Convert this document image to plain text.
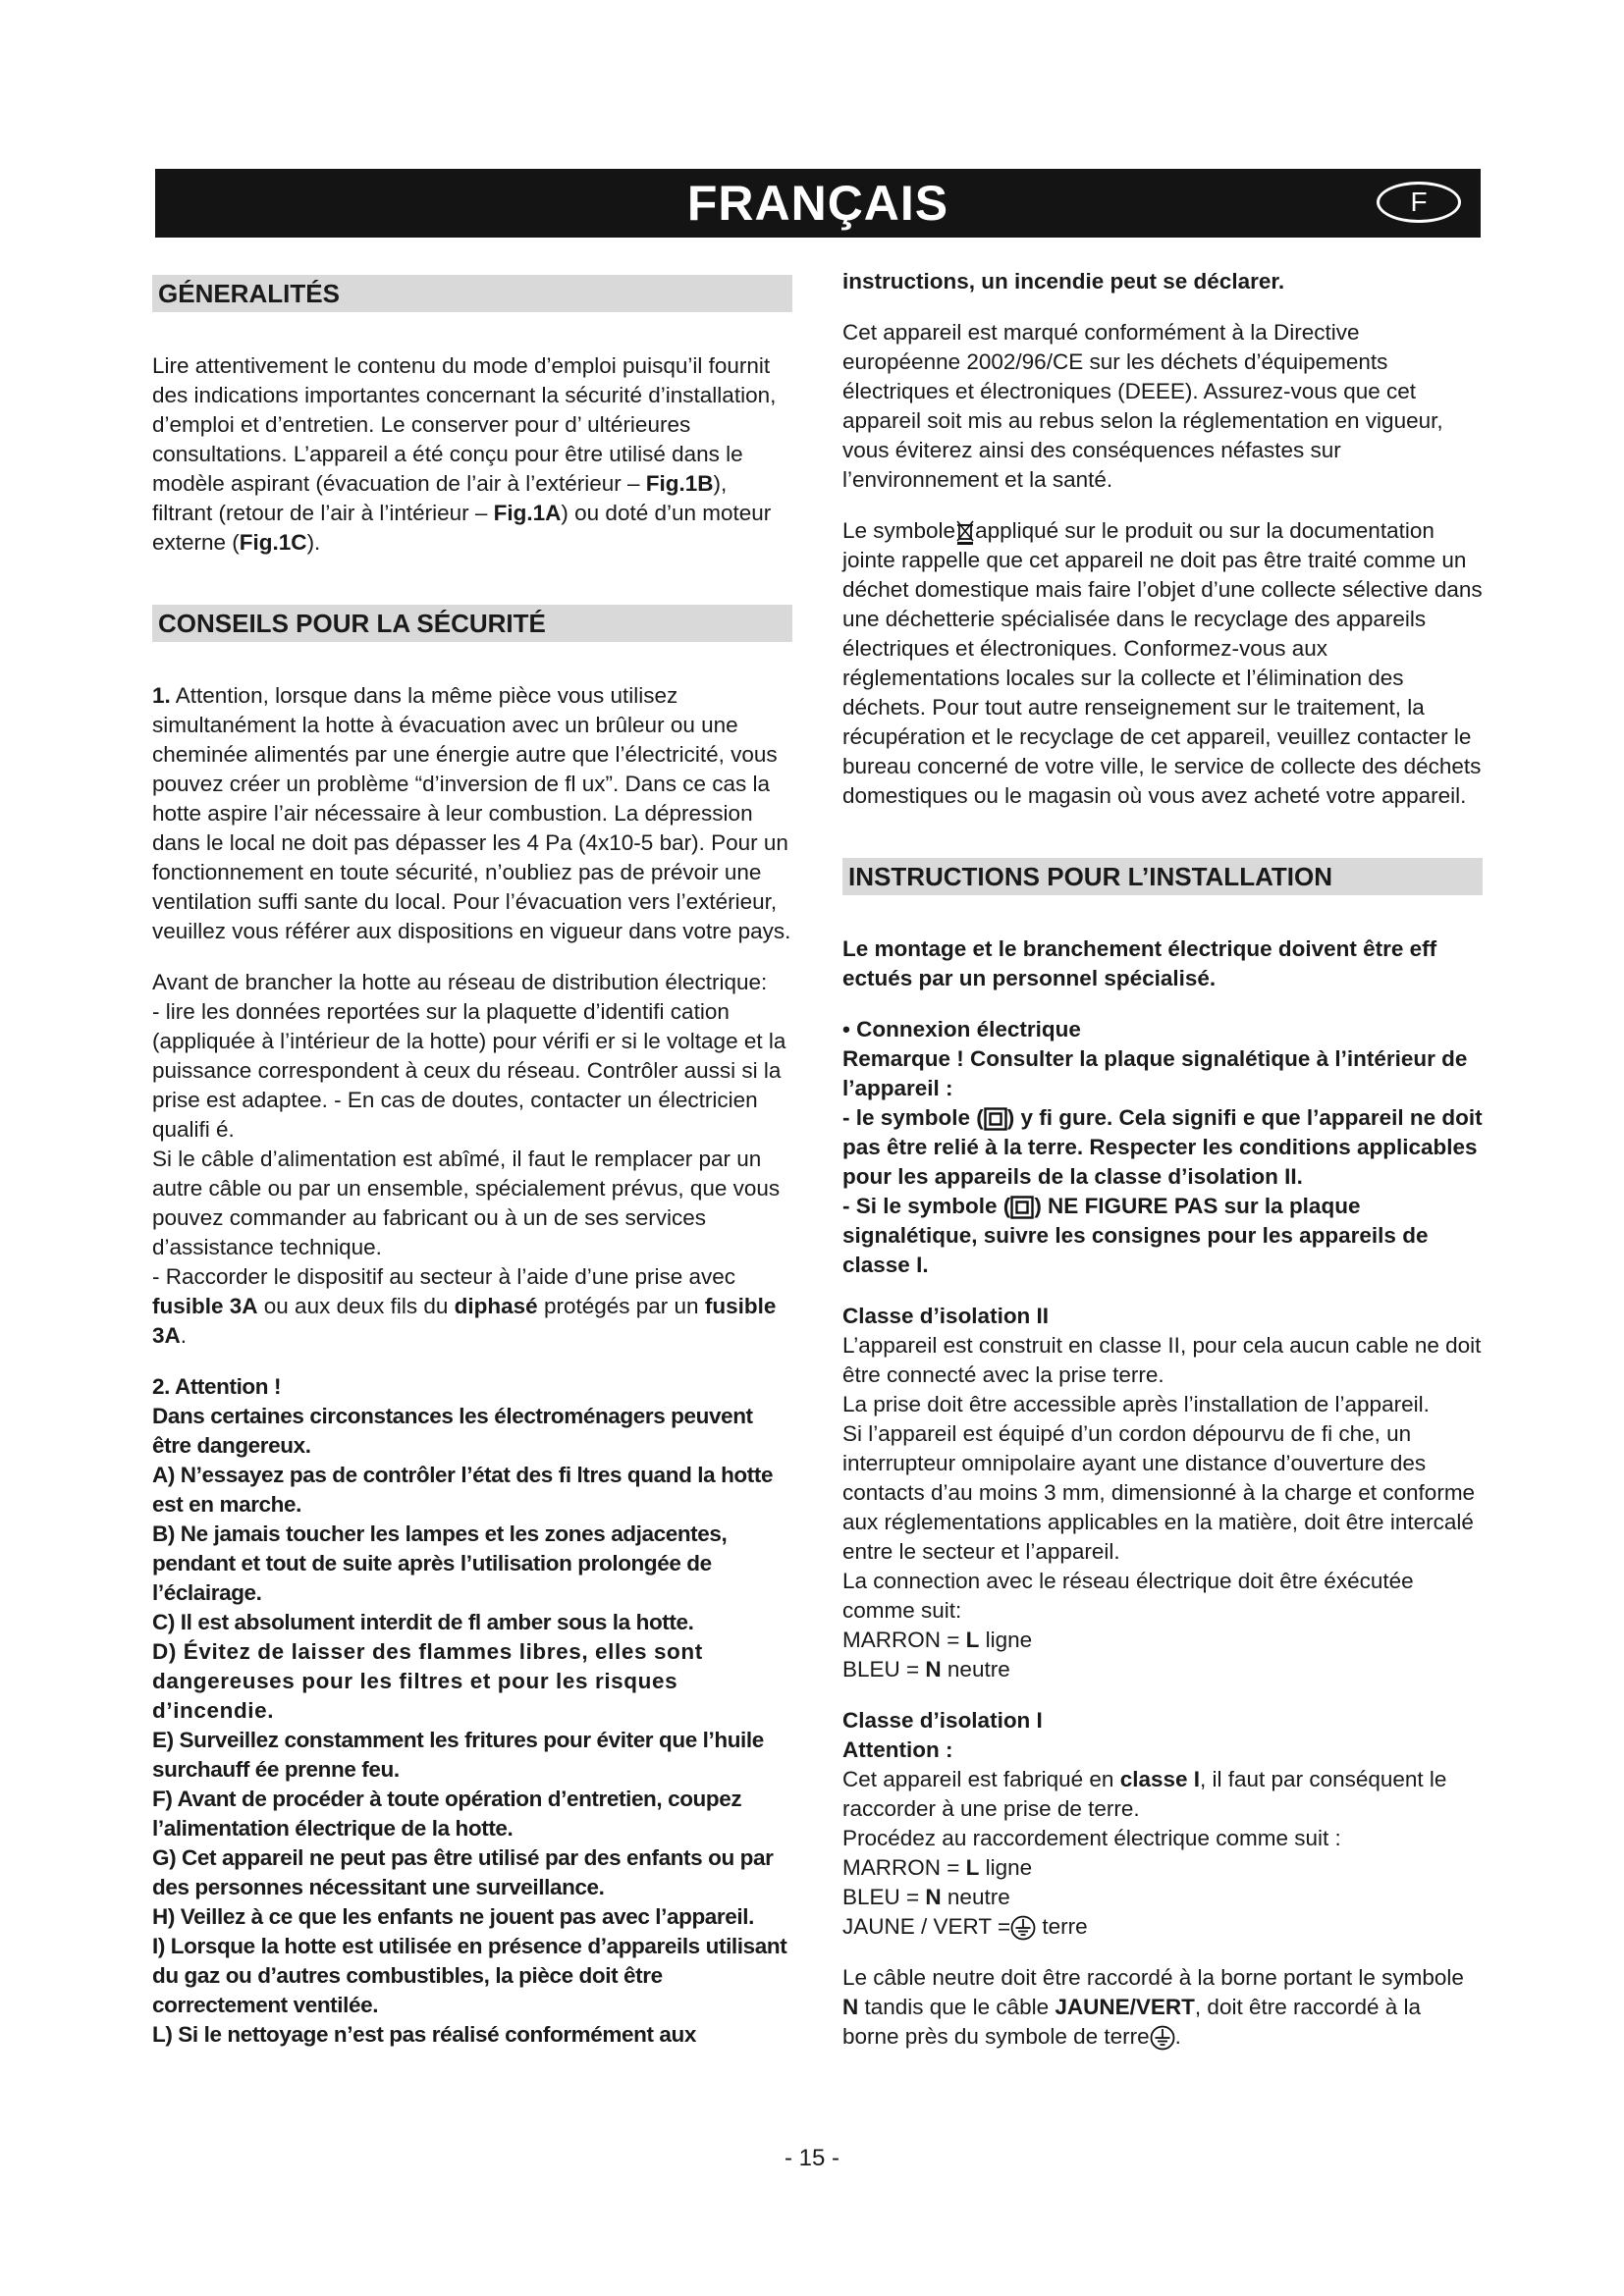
FRANÇAIS	F
GÉNERALITÉS

Lire attentivement le contenu du mode d’emploi puisqu’il fournit des indications importantes concernant la sécurité d’installation, d’emploi et d’entretien. Le conserver pour d’ ultérieures consultations. L’appareil a été conçu pour être utilisé dans le modèle aspirant (évacuation de l’air à l’extérieur – Fig.1B), filtrant (retour de l’air à l’intérieur – Fig.1A) ou doté d’un moteur externe (Fig.1C).

CONSEILS POUR LA SÉCURITÉ

1. Attention, lorsque dans la même pièce vous utilisez simultanément la hotte à évacuation avec un brûleur ou une cheminée alimentés par une énergie autre que l’électricité, vous pouvez créer un problème “d’inversion de fl ux”. Dans ce cas la hotte aspire l’air nécessaire à leur combustion. La dépression dans le local ne doit pas dépasser les 4 Pa (4x10-5 bar). Pour un fonctionnement en toute sécurité, n’oubliez pas de prévoir une ventilation suffi sante du local. Pour l’évacuation vers l’extérieur, veuillez vous référer aux dispositions en vigueur dans votre pays.

Avant de brancher la hotte au réseau de distribution électrique:

- lire les données reportées sur la plaquette d’identifi cation (appliquée à l’intérieur de la hotte) pour vérifi er si le voltage et la puissance correspondent à ceux du réseau. Contrôler aussi si la prise est adaptee. - En cas de doutes, contacter un électricien qualifi é.

Si le câble d’alimentation est abîmé, il faut le remplacer par un autre câble ou par un ensemble, spécialement prévus, que vous pouvez commander au fabricant ou à un de ses services d’assistance technique.

- Raccorder le dispositif au secteur à l’aide d’une prise avec fusible 3A ou aux deux fils du diphasé protégés par un fusible 3A.

2. Attention !

Dans certaines circonstances les électroménagers peuvent être dangereux.

A) N’essayez pas de contrôler l’état des fi ltres quand la hotte est en marche.

B) Ne jamais toucher les lampes et les zones adjacentes, pendant et tout de suite après l’utilisation prolongée de l’éclairage.

C) Il est absolument interdit de fl amber sous la hotte.

D) Évitez de laisser des flammes libres, elles sont dangereuses pour les filtres et pour les risques d’incendie.

E) Surveillez constamment les fritures pour éviter que l’huile surchauff ée prenne feu.

F) Avant de procéder à toute opération d’entretien, coupez l’alimentation électrique de la hotte.

G) Cet appareil ne peut pas être utilisé par des enfants ou par des personnes nécessitant une surveillance.

H) Veillez à ce que les enfants ne jouent pas avec l’appareil.

I) Lorsque la hotte est utilisée en présence d’appareils utilisant du gaz ou d’autres combustibles, la pièce doit être correctement ventilée.

L) Si le nettoyage n’est pas réalisé conformément aux

instructions, un incendie peut se déclarer.

Cet appareil est marqué conformément à la Directive européenne 2002/96/CE sur les déchets d’équipements électriques et électroniques (DEEE). Assurez-vous que cet appareil soit mis au rebus selon la réglementation en vigueur, vous éviterez ainsi des conséquences néfastes sur l’environnement et la santé.

Le symbole appliqué sur le produit ou sur la documentation jointe rappelle que cet appareil ne doit pas être traité comme un déchet domestique mais faire l’objet d’une collecte sélective dans une déchetterie spécialisée dans le recyclage des appareils électriques et électroniques. Conformez-vous aux réglementations locales sur la collecte et l’élimination des déchets. Pour tout autre renseignement sur le traitement, la récupération et le recyclage de cet appareil, veuillez contacter le bureau concerné de votre ville, le service de collecte des déchets domestiques ou le magasin où vous avez acheté votre appareil.

INSTRUCTIONS POUR L’INSTALLATION

Le montage et le branchement électrique doivent être eff ectués par un personnel spécialisé.

• Connexion électrique

Remarque ! Consulter la plaque signalétique à l’intérieur de l’appareil :

- le symbole ( ) y fi gure. Cela signifi e que l’appareil ne doit pas être relié à la terre. Respecter les conditions applicables pour les appareils de la classe d’isolation II.

- Si le symbole ( ) NE FIGURE PAS sur la plaque signalétique, suivre les consignes pour les appareils de classe I.

Classe d’isolation II

L’appareil est construit en classe II, pour cela aucun cable ne doit être connecté avec la prise terre.

La prise doit être accessible après l’installation de l’appareil.

Si l’appareil est équipé d’un cordon dépourvu de fi che, un interrupteur omnipolaire ayant une distance d’ouverture des contacts d’au moins 3 mm, dimensionné à la charge et conforme aux réglementations applicables en la matière, doit être intercalé entre le secteur et l’appareil.

La connection avec le réseau électrique doit être éxécutée comme suit:

MARRON = L ligne

BLEU = N neutre

Classe d’isolation I

Attention :

Cet appareil est fabriqué en classe I, il faut par conséquent le raccorder à une prise de terre.

Procédez au raccordement électrique comme suit :

MARRON = L ligne

BLEU = N neutre

JAUNE / VERT = terre

Le câble neutre doit être raccordé à la borne portant le symbole N tandis que le câble JAUNE/VERT, doit être raccordé à la borne près du symbole de terre .

- 15 -
